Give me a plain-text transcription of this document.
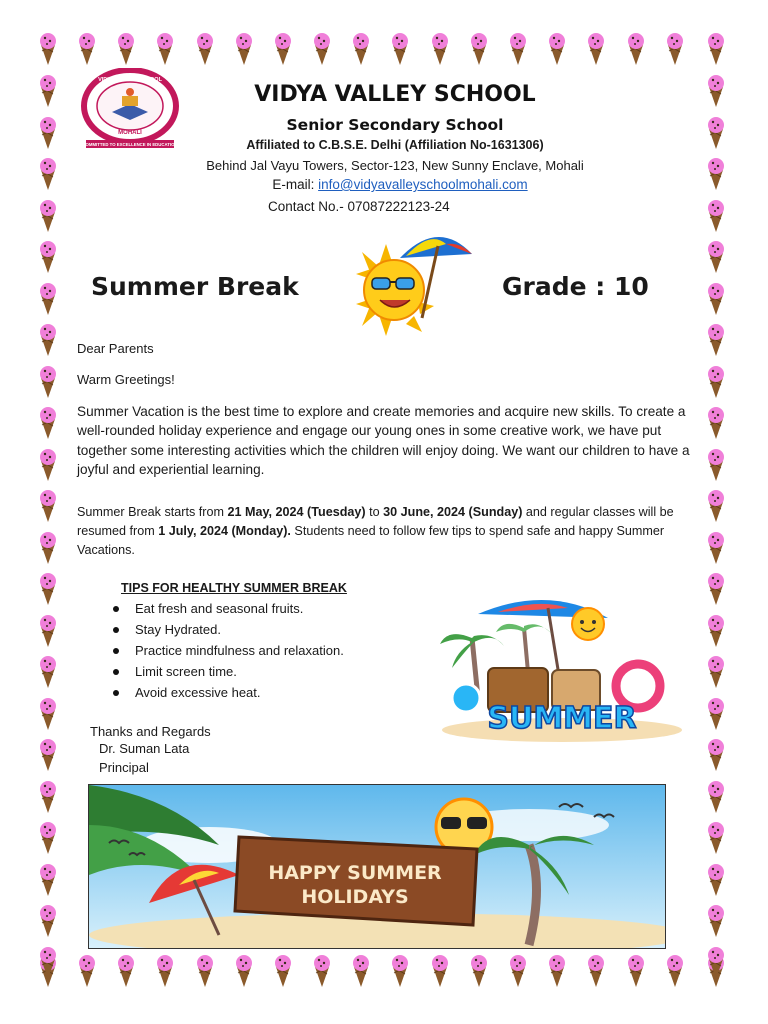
VIDYA VALLEY SCHOOL
MOHALI
COMMITTED TO EXCELLENCE IN EDUCATION
VIDYA VALLEY SCHOOL
Senior Secondary School
Affiliated to C.B.S.E. Delhi (Affiliation No-1631306)
Behind Jal Vayu Towers, Sector-123, New Sunny Enclave, Mohali
E-mail: info@vidyavalleyschoolmohali.com
Contact No.- 07087222123-24
Summer Break	Grade : 10
Dear Parents
Warm Greetings!
Summer Vacation is the best time to explore and create memories and acquire new skills. To create a well-rounded holiday experience and engage our young ones in some creative work, we have put together some interesting activities which the children will enjoy doing. We want our children to have a joyful and experiential learning.
Summer Break starts from 21 May, 2024 (Tuesday) to 30 June, 2024 (Sunday) and regular classes will be resumed from 1 July, 2024 (Monday). Students need to follow few tips to spend safe and happy Summer Vacations.
TIPS FOR HEALTHY SUMMER BREAK
Eat fresh and seasonal fruits.
Stay Hydrated.
Practice mindfulness and relaxation.
Limit screen time.
Avoid excessive heat.
SUMMER
Thanks and Regards
Dr. Suman Lata
Principal
HAPPY SUMMER
HOLIDAYS
